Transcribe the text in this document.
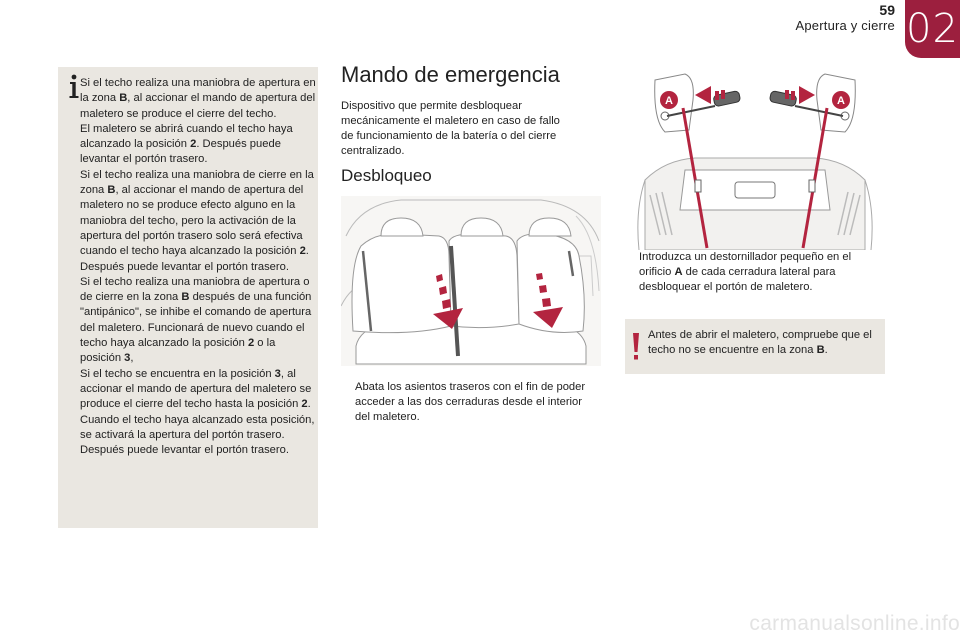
59
Apertura y cierre 02

Si el techo realiza una maniobra de apertura en la zona B, al accionar el mando de apertura del maletero se produce el cierre del techo.

El maletero se abrirá cuando el techo haya alcanzado la posición 2. Después puede levantar el portón trasero.

Si el techo realiza una maniobra de cierre en la zona B, al accionar el mando de apertura del maletero no se produce efecto alguno en la maniobra del techo, pero la activación de la apertura del portón trasero solo será efectiva cuando el techo haya alcanzado la posición 2.

Después puede levantar el portón trasero.

Si el techo realiza una maniobra de apertura o de cierre en la zona B después de una función "antipánico", se inhibe el comando de apertura del maletero. Funcionará de nuevo cuando el techo haya alcanzado la posición 2 o la posición 3,

Si el techo se encuentra en la posición 3, al accionar el mando de apertura del maletero se produce el cierre del techo hasta la posición 2.

Cuando el techo haya alcanzado esta posición, se activará la apertura del portón trasero.

Después puede levantar el portón trasero.

Mando de emergencia
Dispositivo que permite desbloquear mecánicamente el maletero en caso de fallo de funcionamiento de la batería o del cierre centralizado.
Desbloqueo
Abata los asientos traseros con el fin de poder acceder a las dos cerraduras desde el interior del maletero.
A	A
Introduzca un destornillador pequeño en el orificio A de cada cerradura lateral para desbloquear el portón de maletero.
Antes de abrir el maletero, compruebe que el techo no se encuentre en la zona B.
carmanualsonline.info
